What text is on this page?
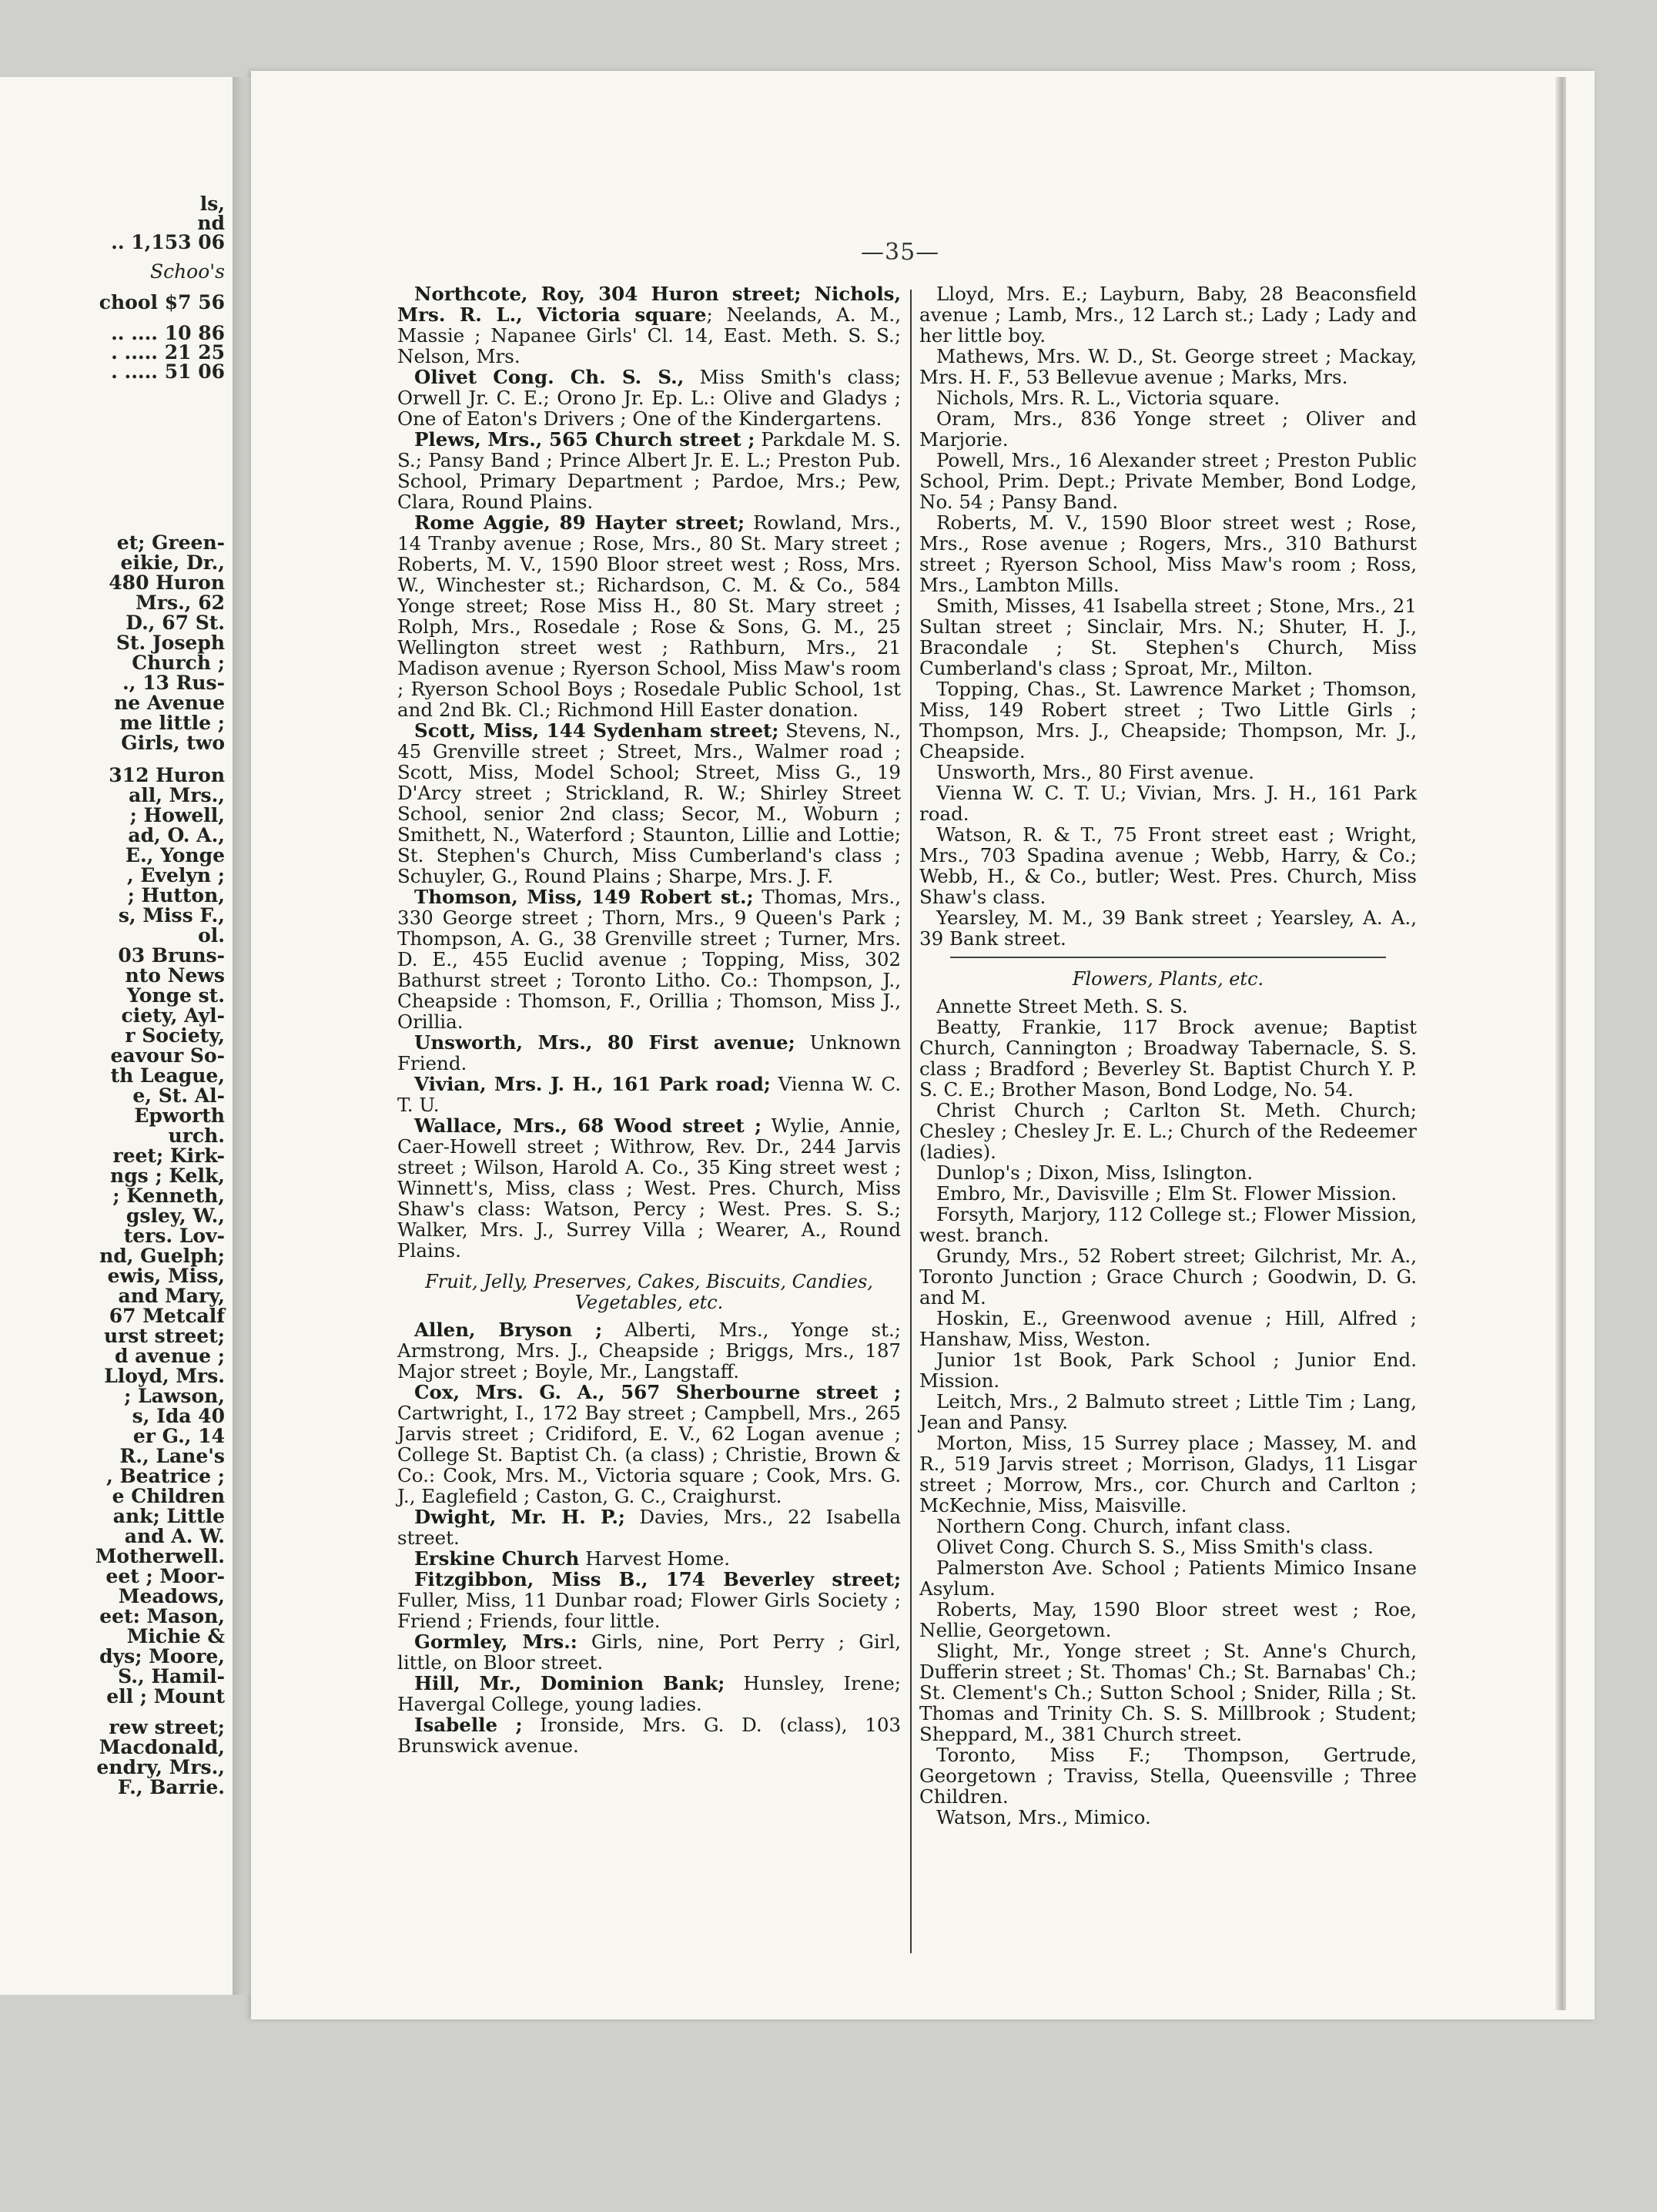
ls,
nd
.. 1,153 06
Schoo's
chool $7 56
.. .... 10 86
. ..... 21 25
. ..... 51 06
et; Green-
eikie, Dr.,
480 Huron
Mrs., 62
D., 67 St.
St. Joseph
Church ;
., 13 Rus-
ne Avenue
me little ;
Girls, two
312 Huron
all, Mrs.,
; Howell,
ad, O. A.,
E., Yonge
, Evelyn ;
; Hutton,
s, Miss F.,
ol.
03 Bruns-
nto News
Yonge st.
ciety, Ayl-
r Society,
eavour So-
th League,
e, St. Al-
Epworth
urch.
reet; Kirk-
ngs ; Kelk,
; Kenneth,
gsley, W.,
ters. Lov-
nd, Guelph;
ewis, Miss,
and Mary,
67 Metcalf
urst street;
d avenue ;
Lloyd, Mrs.
; Lawson,
s, Ida 40
er G., 14
R., Lane's
, Beatrice ;
e Children
ank; Little
and A. W.
Motherwell.
eet ; Moor-
Meadows,
eet: Mason,
Michie &
dys; Moore,
S., Hamil-
ell ; Mount
rew street;
Macdonald,
endry, Mrs.,
F., Barrie.
—35—

Northcote, Roy, 304 Huron street; Nichols, Mrs. R. L., Victoria square; Neelands, A. M., Massie ; Napanee Girls' Cl. 14, East. Meth. S. S.; Nelson, Mrs.

Olivet Cong. Ch. S. S., Miss Smith's class; Orwell Jr. C. E.; Orono Jr. Ep. L.: Olive and Gladys ; One of Eaton's Drivers ; One of the Kindergartens.

Plews, Mrs., 565 Church street ; Parkdale M. S. S.; Pansy Band ; Prince Albert Jr. E. L.; Preston Pub. School, Primary Department ; Pardoe, Mrs.; Pew, Clara, Round Plains.

Rome Aggie, 89 Hayter street; Rowland, Mrs., 14 Tranby avenue ; Rose, Mrs., 80 St. Mary street ; Roberts, M. V., 1590 Bloor street west ; Ross, Mrs. W., Winchester st.; Richardson, C. M. & Co., 584 Yonge street; Rose Miss H., 80 St. Mary street ; Rolph, Mrs., Rosedale ; Rose & Sons, G. M., 25 Wellington street west ; Rathburn, Mrs., 21 Madison avenue ; Ryerson School, Miss Maw's room ; Ryerson School Boys ; Rosedale Public School, 1st and 2nd Bk. Cl.; Richmond Hill Easter donation.

Scott, Miss, 144 Sydenham street; Stevens, N., 45 Grenville street ; Street, Mrs., Walmer road ; Scott, Miss, Model School; Street, Miss G., 19 D'Arcy street ; Strickland, R. W.; Shirley Street School, senior 2nd class; Secor, M., Woburn ; Smithett, N., Waterford ; Staunton, Lillie and Lottie; St. Stephen's Church, Miss Cumberland's class ; Schuyler, G., Round Plains ; Sharpe, Mrs. J. F.

Thomson, Miss, 149 Robert st.; Thomas, Mrs., 330 George street ; Thorn, Mrs., 9 Queen's Park ; Thompson, A. G., 38 Grenville street ; Turner, Mrs. D. E., 455 Euclid avenue ; Topping, Miss, 302 Bathurst street ; Toronto Litho. Co.: Thompson, J., Cheapside : Thomson, F., Orillia ; Thomson, Miss J., Orillia.

Unsworth, Mrs., 80 First avenue; Unknown Friend.

Vivian, Mrs. J. H., 161 Park road; Vienna W. C. T. U.

Wallace, Mrs., 68 Wood street ; Wylie, Annie, Caer-Howell street ; Withrow, Rev. Dr., 244 Jarvis street ; Wilson, Harold A. Co., 35 King street west ; Winnett's, Miss, class ; West. Pres. Church, Miss Shaw's class: Watson, Percy ; West. Pres. S. S.; Walker, Mrs. J., Surrey Villa ; Wearer, A., Round Plains.

Fruit, Jelly, Preserves, Cakes, Biscuits, Candies, Vegetables, etc.

Allen, Bryson ; Alberti, Mrs., Yonge st.; Armstrong, Mrs. J., Cheapside ; Briggs, Mrs., 187 Major street ; Boyle, Mr., Langstaff.

Cox, Mrs. G. A., 567 Sherbourne street ; Cartwright, I., 172 Bay street ; Campbell, Mrs., 265 Jarvis street ; Cridiford, E. V., 62 Logan avenue ; College St. Baptist Ch. (a class) ; Christie, Brown & Co.: Cook, Mrs. M., Victoria square ; Cook, Mrs. G. J., Eaglefield ; Caston, G. C., Craighurst.

Dwight, Mr. H. P.; Davies, Mrs., 22 Isabella street.

Erskine Church Harvest Home.

Fitzgibbon, Miss B., 174 Beverley street; Fuller, Miss, 11 Dunbar road; Flower Girls Society ; Friend ; Friends, four little.

Gormley, Mrs.: Girls, nine, Port Perry ; Girl, little, on Bloor street.

Hill, Mr., Dominion Bank; Hunsley, Irene; Havergal College, young ladies.

Isabelle ; Ironside, Mrs. G. D. (class), 103 Brunswick avenue.

Lloyd, Mrs. E.; Layburn, Baby, 28 Beaconsfield avenue ; Lamb, Mrs., 12 Larch st.; Lady ; Lady and her little boy.

Mathews, Mrs. W. D., St. George street ; Mackay, Mrs. H. F., 53 Bellevue avenue ; Marks, Mrs.

Nichols, Mrs. R. L., Victoria square.

Oram, Mrs., 836 Yonge street ; Oliver and Marjorie.

Powell, Mrs., 16 Alexander street ; Preston Public School, Prim. Dept.; Private Member, Bond Lodge, No. 54 ; Pansy Band.

Roberts, M. V., 1590 Bloor street west ; Rose, Mrs., Rose avenue ; Rogers, Mrs., 310 Bathurst street ; Ryerson School, Miss Maw's room ; Ross, Mrs., Lambton Mills.

Smith, Misses, 41 Isabella street ; Stone, Mrs., 21 Sultan street ; Sinclair, Mrs. N.; Shuter, H. J., Bracondale ; St. Stephen's Church, Miss Cumberland's class ; Sproat, Mr., Milton.

Topping, Chas., St. Lawrence Market ; Thomson, Miss, 149 Robert street ; Two Little Girls ; Thompson, Mrs. J., Cheapside; Thompson, Mr. J., Cheapside.

Unsworth, Mrs., 80 First avenue.

Vienna W. C. T. U.; Vivian, Mrs. J. H., 161 Park road.

Watson, R. & T., 75 Front street east ; Wright, Mrs., 703 Spadina avenue ; Webb, Harry, & Co.; Webb, H., & Co., butler; West. Pres. Church, Miss Shaw's class.

Yearsley, M. M., 39 Bank street ; Yearsley, A. A., 39 Bank street.

Flowers, Plants, etc.

Annette Street Meth. S. S.

Beatty, Frankie, 117 Brock avenue; Baptist Church, Cannington ; Broadway Tabernacle, S. S. class ; Bradford ; Beverley St. Baptist Church Y. P. S. C. E.; Brother Mason, Bond Lodge, No. 54.

Christ Church ; Carlton St. Meth. Church; Chesley ; Chesley Jr. E. L.; Church of the Redeemer (ladies).

Dunlop's ; Dixon, Miss, Islington.

Embro, Mr., Davisville ; Elm St. Flower Mission.

Forsyth, Marjory, 112 College st.; Flower Mission, west. branch.

Grundy, Mrs., 52 Robert street; Gilchrist, Mr. A., Toronto Junction ; Grace Church ; Goodwin, D. G. and M.

Hoskin, E., Greenwood avenue ; Hill, Alfred ; Hanshaw, Miss, Weston.

Junior 1st Book, Park School ; Junior End. Mission.

Leitch, Mrs., 2 Balmuto street ; Little Tim ; Lang, Jean and Pansy.

Morton, Miss, 15 Surrey place ; Massey, M. and R., 519 Jarvis street ; Morrison, Gladys, 11 Lisgar street ; Morrow, Mrs., cor. Church and Carlton ; McKechnie, Miss, Maisville.

Northern Cong. Church, infant class.

Olivet Cong. Church S. S., Miss Smith's class.

Palmerston Ave. School ; Patients Mimico Insane Asylum.

Roberts, May, 1590 Bloor street west ; Roe, Nellie, Georgetown.

Slight, Mr., Yonge street ; St. Anne's Church, Dufferin street ; St. Thomas' Ch.; St. Barnabas' Ch.; St. Clement's Ch.; Sutton School ; Snider, Rilla ; St. Thomas and Trinity Ch. S. S. Millbrook ; Student; Sheppard, M., 381 Church street.

Toronto, Miss F.; Thompson, Gertrude, Georgetown ; Traviss, Stella, Queensville ; Three Children.

Watson, Mrs., Mimico.
